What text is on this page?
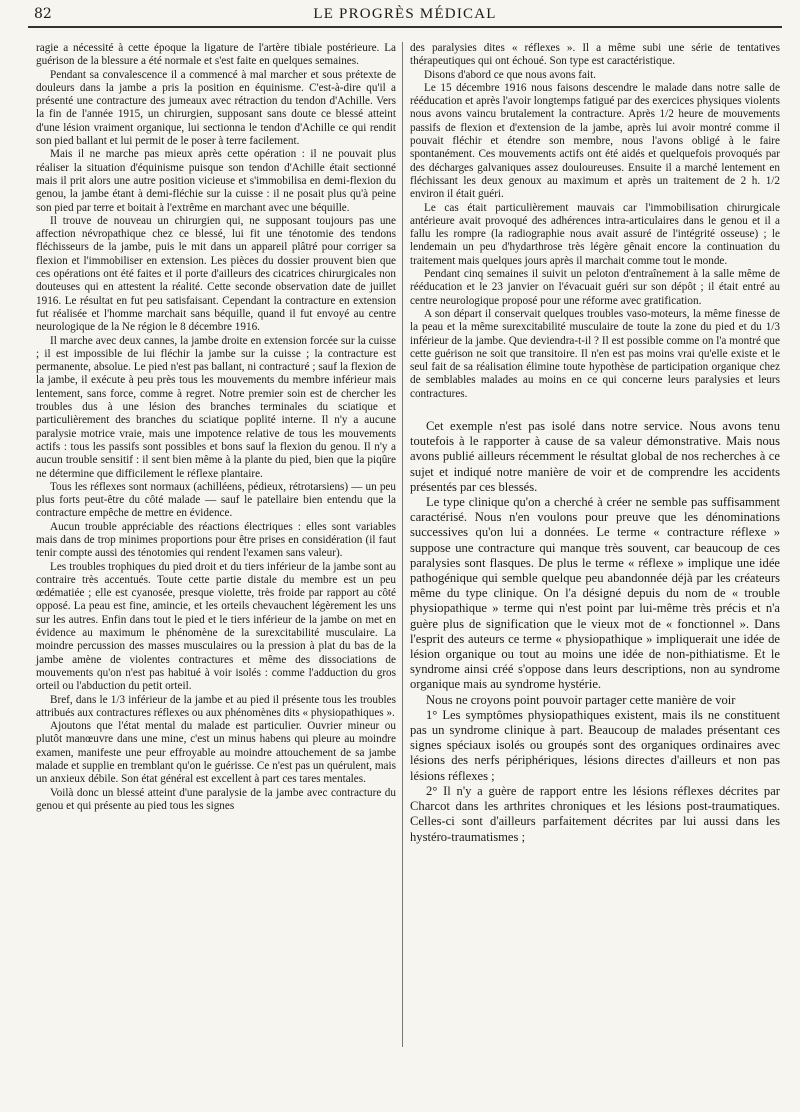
82	LE PROGRÈS MÉDICAL

ragie a nécessité à cette époque la ligature de l'artère tibiale postérieure. La guérison de la blessure a été normale et s'est faite en quelques semaines.

Pendant sa convalescence il a commencé à mal marcher et sous prétexte de douleurs dans la jambe a pris la position en équinisme. C'est-à-dire qu'il a présenté une contracture des jumeaux avec rétraction du tendon d'Achille. Vers la fin de l'année 1915, un chirurgien, supposant sans doute ce blessé atteint d'une lésion vraiment organique, lui sectionna le tendon d'Achille ce qui rendit son pied ballant et lui permit de le poser à terre facilement.

Mais il ne marche pas mieux après cette opération : il ne pouvait plus réaliser la situation d'équinisme puisque son tendon d'Achille était sectionné mais il prit alors une autre position vicieuse et s'immobilisa en demi-flexion du genou, la jambe étant à demi-fléchie sur la cuisse : il ne posait plus qu'à peine son pied par terre et boitait à l'extrême en marchant avec une béquille.

Il trouve de nouveau un chirurgien qui, ne supposant toujours pas une affection névropathique chez ce blessé, lui fit une ténotomie des tendons fléchisseurs de la jambe, puis le mit dans un appareil plâtré pour corriger sa flexion et l'immobiliser en extension. Les pièces du dossier prouvent bien que ces opérations ont été faites et il porte d'ailleurs des cicatrices chirurgicales non douteuses qui en attestent la réalité. Cette seconde observation date de juillet 1916. Le résultat en fut peu satisfaisant. Cependant la contracture en extension fut réalisée et l'homme marchait sans béquille, quand il fut envoyé au centre neurologique de la Ne région le 8 décembre 1916.

Il marche avec deux cannes, la jambe droite en extension forcée sur la cuisse ; il est impossible de lui fléchir la jambe sur la cuisse ; la contracture est permanente, absolue. Le pied n'est pas ballant, ni contracturé ; sauf la flexion de la jambe, il exécute à peu près tous les mouvements du membre inférieur mais lentement, sans force, comme à regret. Notre premier soin est de chercher les troubles dus à une lésion des branches terminales du sciatique et particulièrement des branches du sciatique poplité interne. Il n'y a aucune paralysie motrice vraie, mais une impotence relative de tous les mouvements actifs : tous les passifs sont possibles et bons sauf la flexion du genou. Il n'y a aucun trouble sensitif : il sent bien même à la plante du pied, bien que la piqûre ne détermine que difficilement le réflexe plantaire.

Tous les réflexes sont normaux (achilléens, pédieux, rétrotarsiens) — un peu plus forts peut-être du côté malade — sauf le patellaire bien entendu que la contracture empêche de mettre en évidence.

Aucun trouble appréciable des réactions électriques : elles sont variables mais dans de trop minimes proportions pour être prises en considération (il faut tenir compte aussi des ténotomies qui rendent l'examen sans valeur).

Les troubles trophiques du pied droit et du tiers inférieur de la jambe sont au contraire très accentués. Toute cette partie distale du membre est un peu œdématiée ; elle est cyanosée, presque violette, très froide par rapport au côté opposé. La peau est fine, amincie, et les orteils chevauchent légèrement les uns sur les autres. Enfin dans tout le pied et le tiers inférieur de la jambe on met en évidence au maximum le phénomène de la surexcitabilité musculaire. La moindre percussion des masses musculaires ou la pression à plat du bas de la jambe amène de violentes contractures et même des dissociations de mouvements qu'on n'est pas habitué à voir isolés : comme l'adduction du gros orteil ou l'abduction du petit orteil.

Bref, dans le 1/3 inférieur de la jambe et au pied il présente tous les troubles attribués aux contractures réflexes ou aux phénomènes dits « physiopathiques ».

Ajoutons que l'état mental du malade est particulier. Ouvrier mineur ou plutôt manœuvre dans une mine, c'est un minus habens qui pleure au moindre examen, manifeste une peur effroyable au moindre attouchement de sa jambe malade et supplie en tremblant qu'on le guérisse. Ce n'est pas un quérulent, mais un anxieux débile. Son état général est excellent à part ces tares mentales.

Voilà donc un blessé atteint d'une paralysie de la jambe avec contracture du genou et qui présente au pied tous les signes

des paralysies dites « réflexes ». Il a même subi une série de tentatives thérapeutiques qui ont échoué. Son type est caractéristique.

Disons d'abord ce que nous avons fait.

Le 15 décembre 1916 nous faisons descendre le malade dans notre salle de rééducation et après l'avoir longtemps fatigué par des exercices physiques violents nous avons vaincu brutalement la contracture. Après 1/2 heure de mouvements passifs de flexion et d'extension de la jambe, après lui avoir montré comme il pouvait fléchir et étendre son membre, nous l'avons obligé à le faire spontanément. Ces mouvements actifs ont été aidés et quelquefois provoqués par des décharges galvaniques assez douloureuses. Ensuite il a marché lentement en fléchissant les deux genoux au maximum et après un traitement de 2 h. 1/2 environ il était guéri.

Le cas était particulièrement mauvais car l'immobilisation chirurgicale antérieure avait provoqué des adhérences intra-articulaires dans le genou et il a fallu les rompre (la radiographie nous avait assuré de l'intégrité osseuse) ; le lendemain un peu d'hydarthrose très légère gênait encore la continuation du traitement mais quelques jours après il marchait comme tout le monde.

Pendant cinq semaines il suivit un peloton d'entraînement à la salle même de rééducation et le 23 janvier on l'évacuait guéri sur son dépôt ; il était entré au centre neurologique proposé pour une réforme avec gratification.

A son départ il conservait quelques troubles vaso-moteurs, la même finesse de la peau et la même surexcitabilité musculaire de toute la zone du pied et du 1/3 inférieur de la jambe. Que deviendra-t-il ? Il est possible comme on l'a montré que cette guérison ne soit que transitoire. Il n'en est pas moins vrai qu'elle existe et le seul fait de sa réalisation élimine toute hypothèse de participation organique chez de semblables malades au moins en ce qui concerne leurs paralysies et leurs contractures.

Cet exemple n'est pas isolé dans notre service. Nous avons tenu toutefois à le rapporter à cause de sa valeur démonstrative. Mais nous avons publié ailleurs récemment le résultat global de nos recherches à ce sujet et indiqué notre manière de voir et de comprendre les accidents présentés par ces blessés.

Le type clinique qu'on a cherché à créer ne semble pas suffisamment caractérisé. Nous n'en voulons pour preuve que les dénominations successives qu'on lui a données. Le terme « contracture réflexe » suppose une contracture qui manque très souvent, car beaucoup de ces paralysies sont flasques. De plus le terme « réflexe » implique une idée pathogénique qui semble quelque peu abandonnée déjà par les créateurs même du type clinique. On l'a désigné depuis du nom de « trouble physiopathique » terme qui n'est point par lui-même très précis et n'a guère plus de signification que le vieux mot de « fonctionnel ». Dans l'esprit des auteurs ce terme « physiopathique » impliquerait une idée de lésion organique ou tout au moins une idée de non-pithiatisme. Et le syndrome ainsi créé s'oppose dans leurs descriptions, non au syndrome organique mais au syndrome hystérie.

Nous ne croyons point pouvoir partager cette manière de voir

1° Les symptômes physiopathiques existent, mais ils ne constituent pas un syndrome clinique à part. Beaucoup de malades présentant ces signes spéciaux isolés ou groupés sont des organiques ordinaires avec lésions des nerfs périphériques, lésions directes d'ailleurs et non pas lésions réflexes ;

2° Il n'y a guère de rapport entre les lésions réflexes décrites par Charcot dans les arthrites chroniques et les lésions post-traumatiques. Celles-ci sont d'ailleurs parfaitement décrites par lui aussi dans les hystéro-traumatismes ;
